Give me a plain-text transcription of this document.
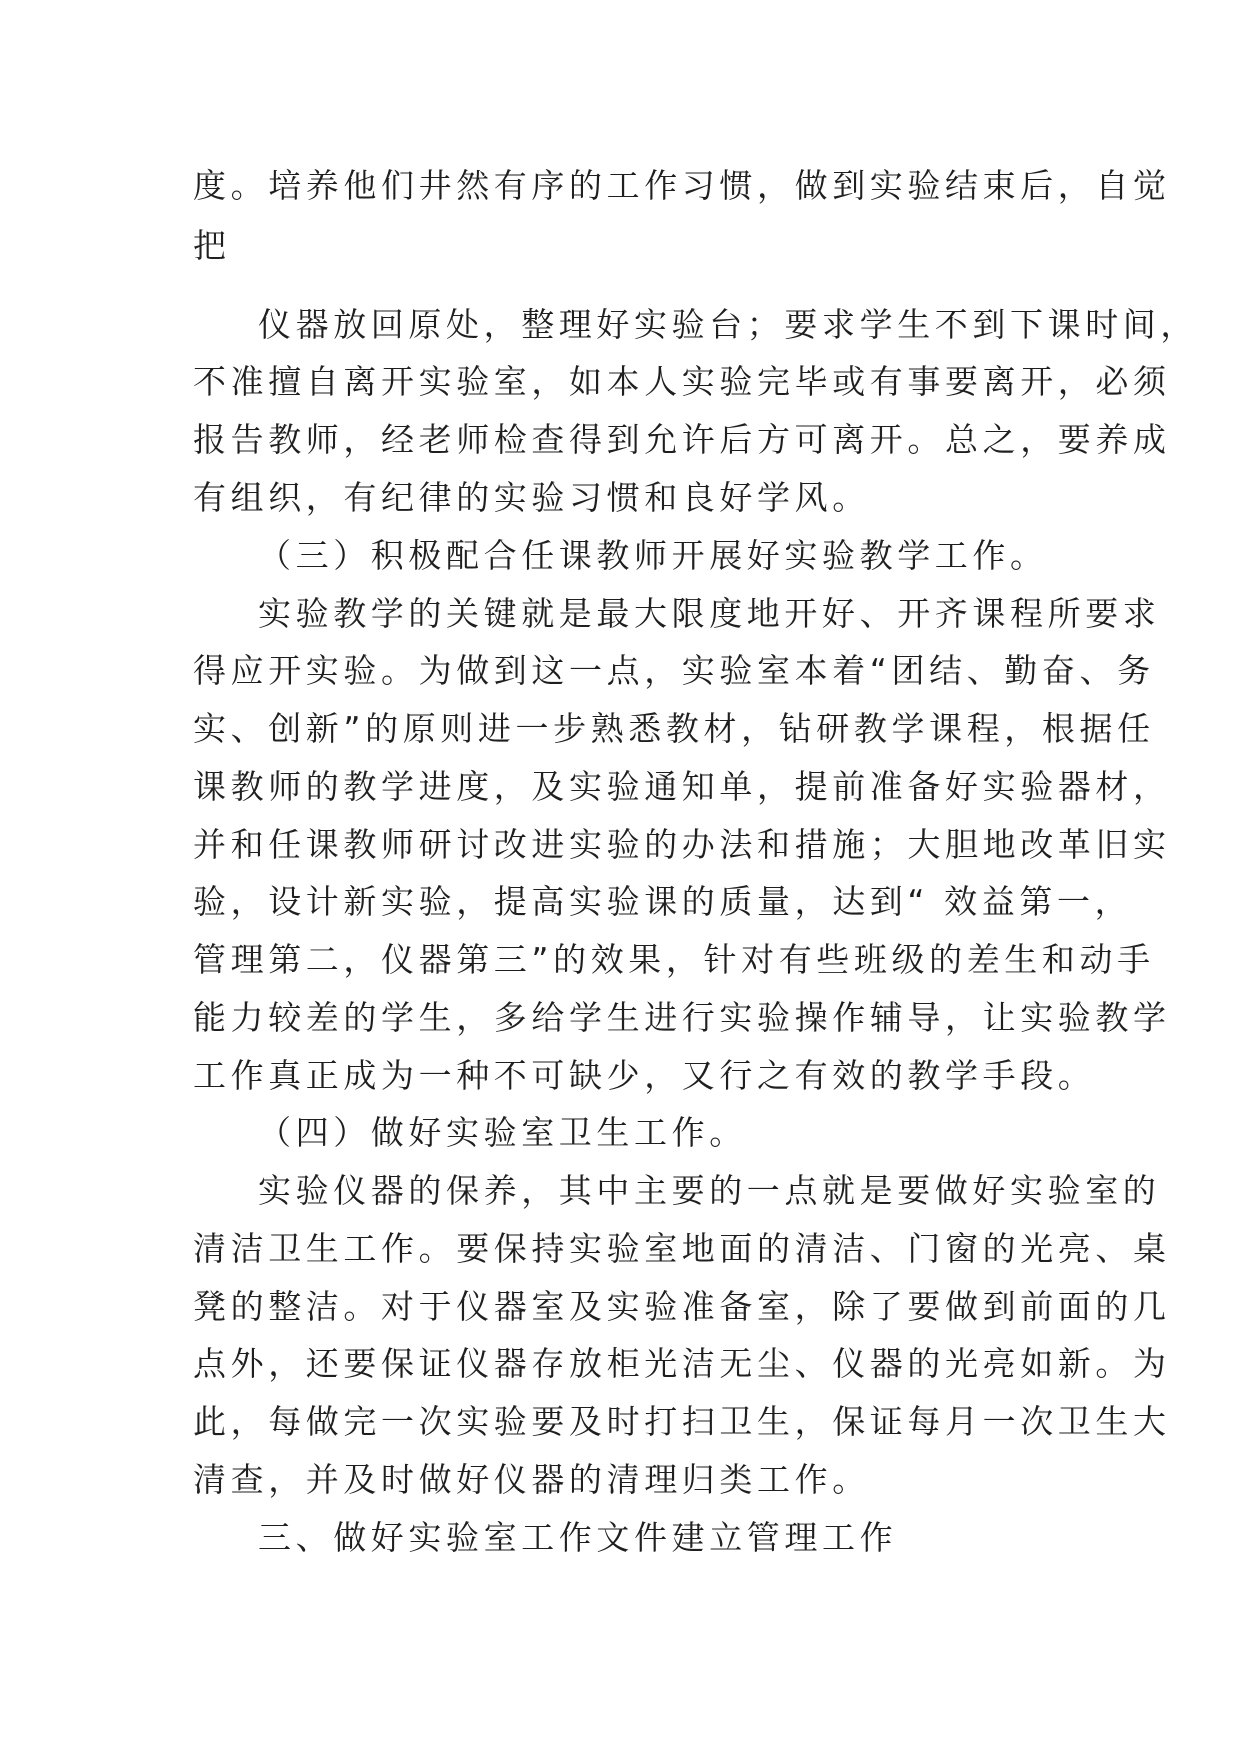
度。培养他们井然有序的工作习惯，做到实验结束后，自觉
把
仪器放回原处，整理好实验台；要求学生不到下课时间，
不准擅自离开实验室，如本人实验完毕或有事要离开，必须
报告教师，经老师检查得到允许后方可离开。总之，要养成
有组织，有纪律的实验习惯和良好学风。
（三）积极配合任课教师开展好实验教学工作。
实验教学的关键就是最大限度地开好、开齐课程所要求
得应开实验。为做到这一点，实验室本着“团结、勤奋、务
实、创新”的原则进一步熟悉教材，钻研教学课程，根据任
课教师的教学进度，及实验通知单，提前准备好实验器材，
并和任课教师研讨改进实验的办法和措施；大胆地改革旧实
验，设计新实验，提高实验课的质量，达到“ 效益第一，
管理第二，仪器第三”的效果，针对有些班级的差生和动手
能力较差的学生，多给学生进行实验操作辅导，让实验教学
工作真正成为一种不可缺少，又行之有效的教学手段。
（四）做好实验室卫生工作。
实验仪器的保养，其中主要的一点就是要做好实验室的
清洁卫生工作。要保持实验室地面的清洁、门窗的光亮、桌
凳的整洁。对于仪器室及实验准备室，除了要做到前面的几
点外，还要保证仪器存放柜光洁无尘、仪器的光亮如新。为
此，每做完一次实验要及时打扫卫生，保证每月一次卫生大
清查，并及时做好仪器的清理归类工作。
三、做好实验室工作文件建立管理工作
